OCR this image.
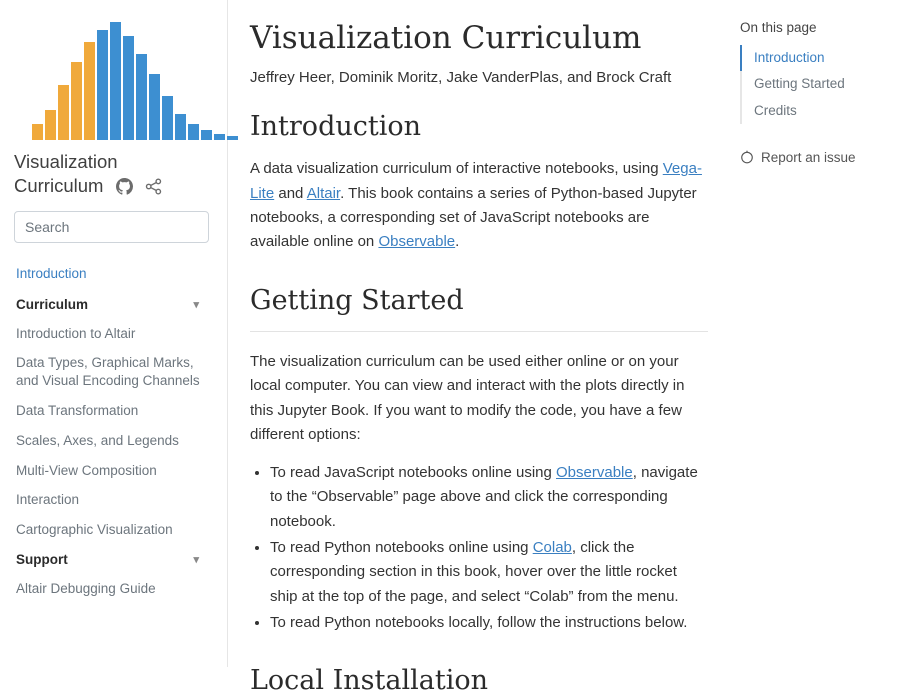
Visualization Curriculum
Search
Introduction
Curriculum	▾
Introduction to Altair
Data Types, Graphical Marks, and Visual Encoding Channels
Data Transformation
Scales, Axes, and Legends
Multi-View Composition
Interaction
Cartographic Visualization
Support	▾
Altair Debugging Guide
Visualization Curriculum

Jeffrey Heer, Dominik Moritz, Jake VanderPlas, and Brock Craft

Introduction

A data visualization curriculum of interactive notebooks, using Vega-Lite and Altair. This book contains a series of Python-based Jupyter notebooks, a corresponding set of JavaScript notebooks are available online on Observable.

Getting Started

The visualization curriculum can be used either online or on your local computer. You can view and interact with the plots directly in this Jupyter Book. If you want to modify the code, you have a few different options:

• To read JavaScript notebooks online using Observable, navigate to the “Observable” page above and click the corresponding notebook.
• To read Python notebooks online using Colab, click the corresponding section in this book, hover over the little rocket ship at the top of the page, and select “Colab” from the menu.
• To read Python notebooks locally, follow the instructions below.
Local Installation
On this page
Introduction
Getting Started
Credits
Report an issue
